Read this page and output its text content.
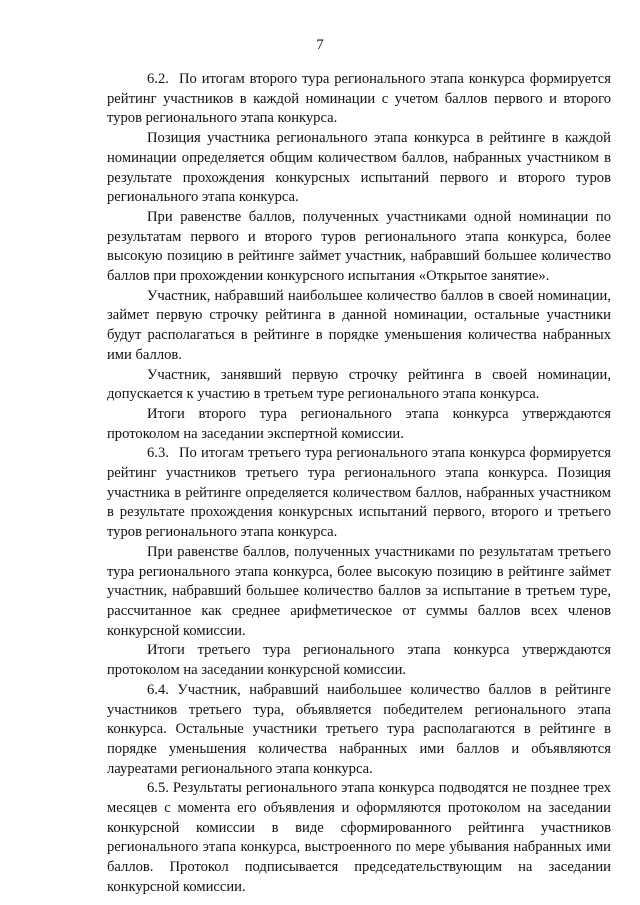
7

6.2. По итогам второго тура регионального этапа конкурса формируется рейтинг участников в каждой номинации с учетом баллов первого и второго туров регионального этапа конкурса.

Позиция участника регионального этапа конкурса в рейтинге в каждой номинации определяется общим количеством баллов, набранных участником в результате прохождения конкурсных испытаний первого и второго туров регионального этапа конкурса.

При равенстве баллов, полученных участниками одной номинации по результатам первого и второго туров регионального этапа конкурса, более высокую позицию в рейтинге займет участник, набравший большее количество баллов при прохождении конкурсного испытания «Открытое занятие».

Участник, набравший наибольшее количество баллов в своей номинации, займет первую строчку рейтинга в данной номинации, остальные участники будут располагаться в рейтинге в порядке уменьшения количества набранных ими баллов.

Участник, занявший первую строчку рейтинга в своей номинации, допускается к участию в третьем туре регионального этапа конкурса.

Итоги второго тура регионального этапа конкурса утверждаются протоколом на заседании экспертной комиссии.

6.3. По итогам третьего тура регионального этапа конкурса формируется рейтинг участников третьего тура регионального этапа конкурса. Позиция участника в рейтинге определяется количеством баллов, набранных участником в результате прохождения конкурсных испытаний первого, второго и третьего туров регионального этапа конкурса.

При равенстве баллов, полученных участниками по результатам третьего тура регионального этапа конкурса, более высокую позицию в рейтинге займет участник, набравший большее количество баллов за испытание в третьем туре, рассчитанное как среднее арифметическое от суммы баллов всех членов конкурсной комиссии.

Итоги третьего тура регионального этапа конкурса утверждаются протоколом на заседании конкурсной комиссии.

6.4. Участник, набравший наибольшее количество баллов в рейтинге участников третьего тура, объявляется победителем регионального этапа конкурса. Остальные участники третьего тура располагаются в рейтинге в порядке уменьшения количества набранных ими баллов и объявляются лауреатами регионального этапа конкурса.

6.5. Результаты регионального этапа конкурса подводятся не позднее трех месяцев с момента его объявления и оформляются протоколом на заседании конкурсной комиссии в виде сформированного рейтинга участников регионального этапа конкурса, выстроенного по мере убывания набранных ими баллов. Протокол подписывается председательствующим на заседании конкурсной комиссии.
